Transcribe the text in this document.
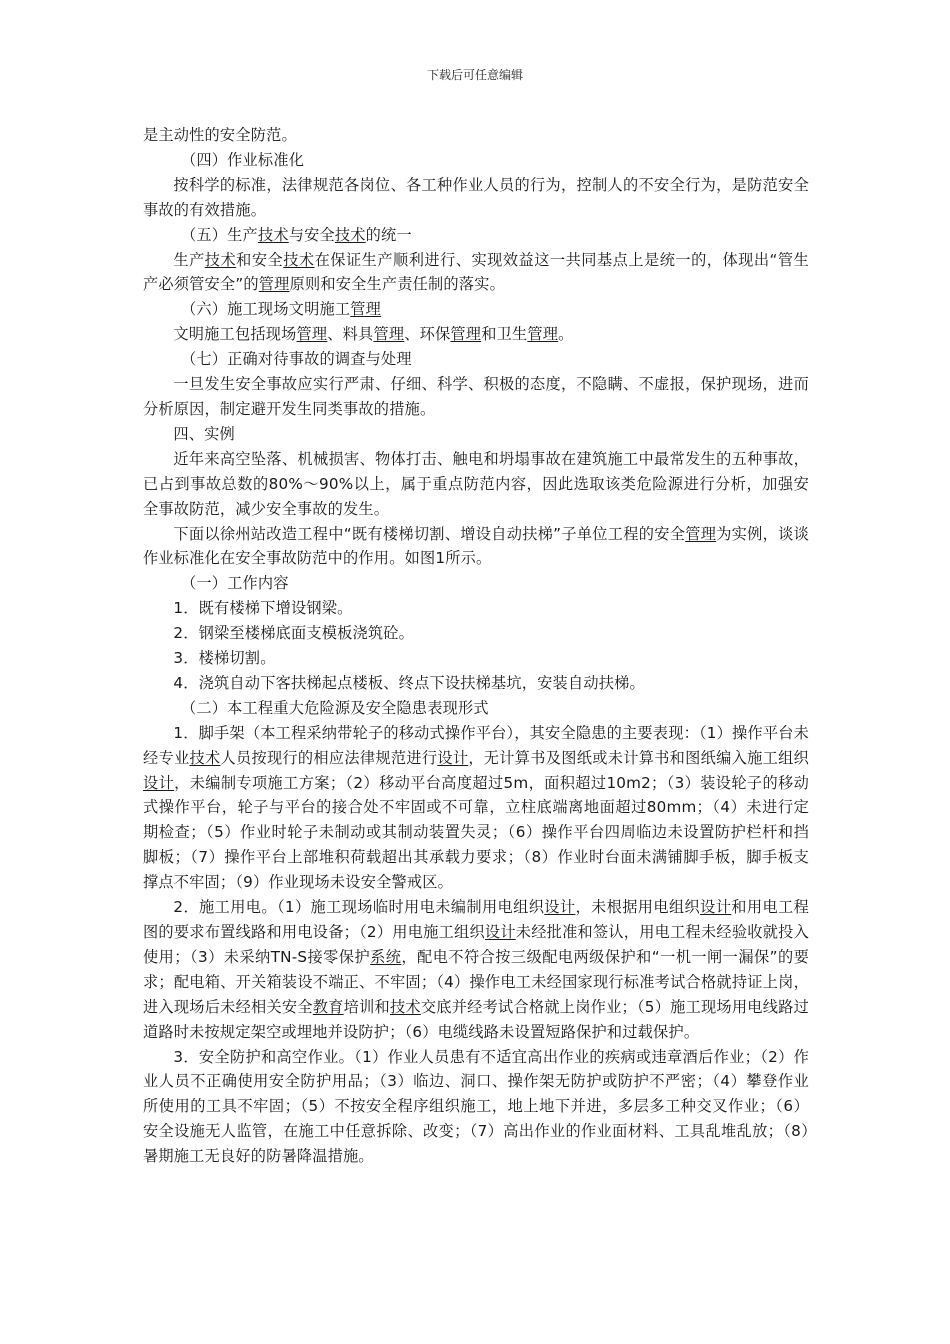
下载后可任意编辑

是主动性的安全防范。

（四）作业标准化

按科学的标准，法律规范各岗位、各工种作业人员的行为，控制人的不安全行为，是防范安全事故的有效措施。

（五）生产技术与安全技术的统一

生产技术和安全技术在保证生产顺利进行、实现效益这一共同基点上是统一的，体现出“管生产必须管安全”的管理原则和安全生产责任制的落实。

（六）施工现场文明施工管理

文明施工包括现场管理、料具管理、环保管理和卫生管理。

（七）正确对待事故的调查与处理

一旦发生安全事故应实行严肃、仔细、科学、积极的态度，不隐瞒、不虚报，保护现场，进而分析原因，制定避开发生同类事故的措施。

四、实例

近年来高空坠落、机械损害、物体打击、触电和坍塌事故在建筑施工中最常发生的五种事故，已占到事故总数的80%～90%以上，属于重点防范内容，因此选取该类危险源进行分析，加强安全事故防范，减少安全事故的发生。

下面以徐州站改造工程中“既有楼梯切割、增设自动扶梯”子单位工程的安全管理为实例，谈谈作业标准化在安全事故防范中的作用。如图1所示。

（一）工作内容

1．既有楼梯下增设钢梁。

2．钢梁至楼梯底面支模板浇筑砼。

3．楼梯切割。

4．浇筑自动下客扶梯起点楼板、终点下设扶梯基坑，安装自动扶梯。

（二）本工程重大危险源及安全隐患表现形式

1．脚手架（本工程采纳带轮子的移动式操作平台），其安全隐患的主要表现：（1）操作平台未经专业技术人员按现行的相应法律规范进行设计，无计算书及图纸或未计算书和图纸编入施工组织设计，未编制专项施工方案；（2）移动平台高度超过5m，面积超过10m2；（3）装设轮子的移动式操作平台，轮子与平台的接合处不牢固或不可靠，立柱底端离地面超过80mm；（4）未进行定期检查；（5）作业时轮子未制动或其制动装置失灵；（6）操作平台四周临边未设置防护栏杆和挡脚板；（7）操作平台上部堆积荷载超出其承载力要求；（8）作业时台面未满铺脚手板，脚手板支撑点不牢固；（9）作业现场未设安全警戒区。

2．施工用电。（1）施工现场临时用电未编制用电组织设计，未根据用电组织设计和用电工程图的要求布置线路和用电设备；（2）用电施工组织设计未经批准和签认，用电工程未经验收就投入使用；（3）未采纳TN-S接零保护系统，配电不符合按三级配电两级保护和“一机一闸一漏保”的要求；配电箱、开关箱装设不端正、不牢固；（4）操作电工未经国家现行标准考试合格就持证上岗，进入现场后未经相关安全教育培训和技术交底并经考试合格就上岗作业；（5）施工现场用电线路过道路时未按规定架空或埋地并设防护；（6）电缆线路未设置短路保护和过载保护。

3．安全防护和高空作业。（1）作业人员患有不适宜高出作业的疾病或违章酒后作业；（2）作业人员不正确使用安全防护用品；（3）临边、洞口、操作架无防护或防护不严密；（4）攀登作业所使用的工具不牢固；（5）不按安全程序组织施工，地上地下并进，多层多工种交叉作业；（6）安全设施无人监管，在施工中任意拆除、改变；（7）高出作业的作业面材料、工具乱堆乱放；（8）暑期施工无良好的防暑降温措施。
